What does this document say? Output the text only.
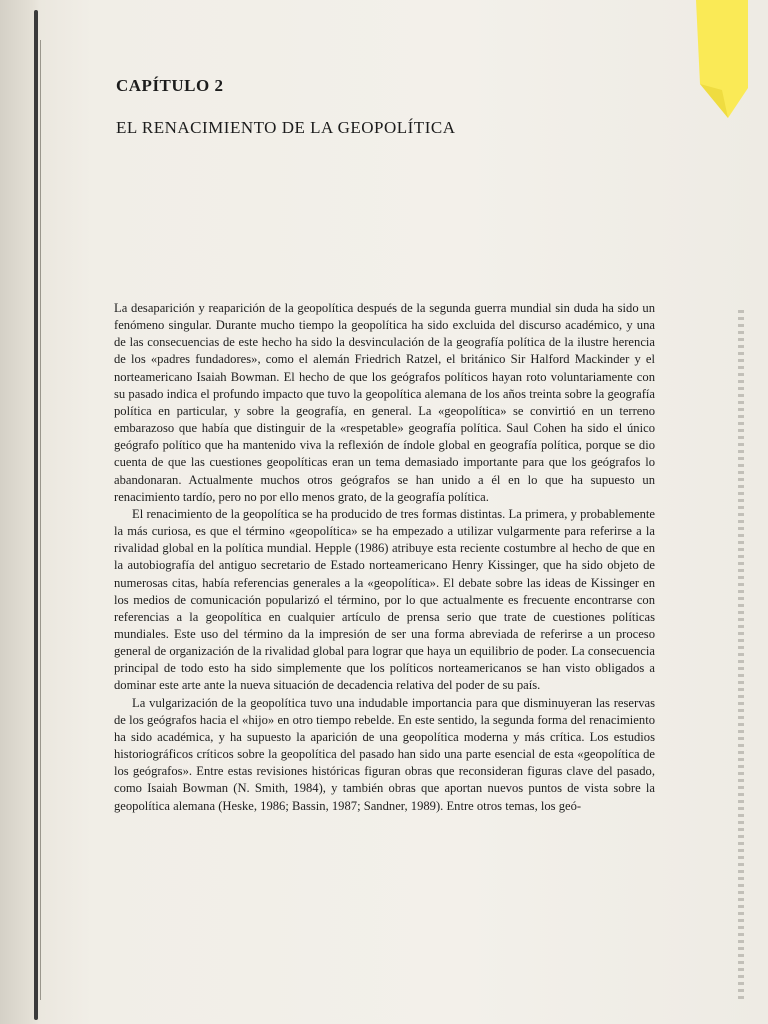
CAPÍTULO 2
EL RENACIMIENTO DE LA GEOPOLÍTICA

La desaparición y reaparición de la geopolítica después de la segunda guerra mundial sin duda ha sido un fenómeno singular. Durante mucho tiempo la geopolítica ha sido excluida del discurso académico, y una de las consecuencias de este hecho ha sido la desvinculación de la geografía política de la ilustre herencia de los «padres fundadores», como el alemán Friedrich Ratzel, el británico Sir Halford Mackinder y el norteamericano Isaiah Bowman. El hecho de que los geógrafos políticos hayan roto voluntariamente con su pasado indica el profundo impacto que tuvo la geopolítica alemana de los años treinta sobre la geografía política en particular, y sobre la geografía, en general. La «geopolítica» se convirtió en un terreno embarazoso que había que distinguir de la «respetable» geografía política. Saul Cohen ha sido el único geógrafo político que ha mantenido viva la reflexión de índole global en geografía política, porque se dio cuenta de que las cuestiones geopolíticas eran un tema demasiado importante para que los geógrafos lo abandonaran. Actualmente muchos otros geógrafos se han unido a él en lo que ha supuesto un renacimiento tardío, pero no por ello menos grato, de la geografía política.

El renacimiento de la geopolítica se ha producido de tres formas distintas. La primera, y probablemente la más curiosa, es que el término «geopolítica» se ha empezado a utilizar vulgarmente para referirse a la rivalidad global en la política mundial. Hepple (1986) atribuye esta reciente costumbre al hecho de que en la autobiografía del antiguo secretario de Estado norteamericano Henry Kissinger, que ha sido objeto de numerosas citas, había referencias generales a la «geopolítica». El debate sobre las ideas de Kissinger en los medios de comunicación popularizó el término, por lo que actualmente es frecuente encontrarse con referencias a la geopolítica en cualquier artículo de prensa serio que trate de cuestiones políticas mundiales. Este uso del término da la impresión de ser una forma abreviada de referirse a un proceso general de organización de la rivalidad global para lograr que haya un equilibrio de poder. La consecuencia principal de todo esto ha sido simplemente que los políticos norteamericanos se han visto obligados a dominar este arte ante la nueva situación de decadencia relativa del poder de su país.

La vulgarización de la geopolítica tuvo una indudable importancia para que disminuyeran las reservas de los geógrafos hacia el «hijo» en otro tiempo rebelde. En este sentido, la segunda forma del renacimiento ha sido académica, y ha supuesto la aparición de una geopolítica moderna y más crítica. Los estudios historiográficos críticos sobre la geopolítica del pasado han sido una parte esencial de esta «geopolítica de los geógrafos». Entre estas revisiones históricas figuran obras que reconsideran figuras clave del pasado, como Isaiah Bowman (N. Smith, 1984), y también obras que aportan nuevos puntos de vista sobre la geopolítica alemana (Heske, 1986; Bassin, 1987; Sandner, 1989). Entre otros temas, los geó-
